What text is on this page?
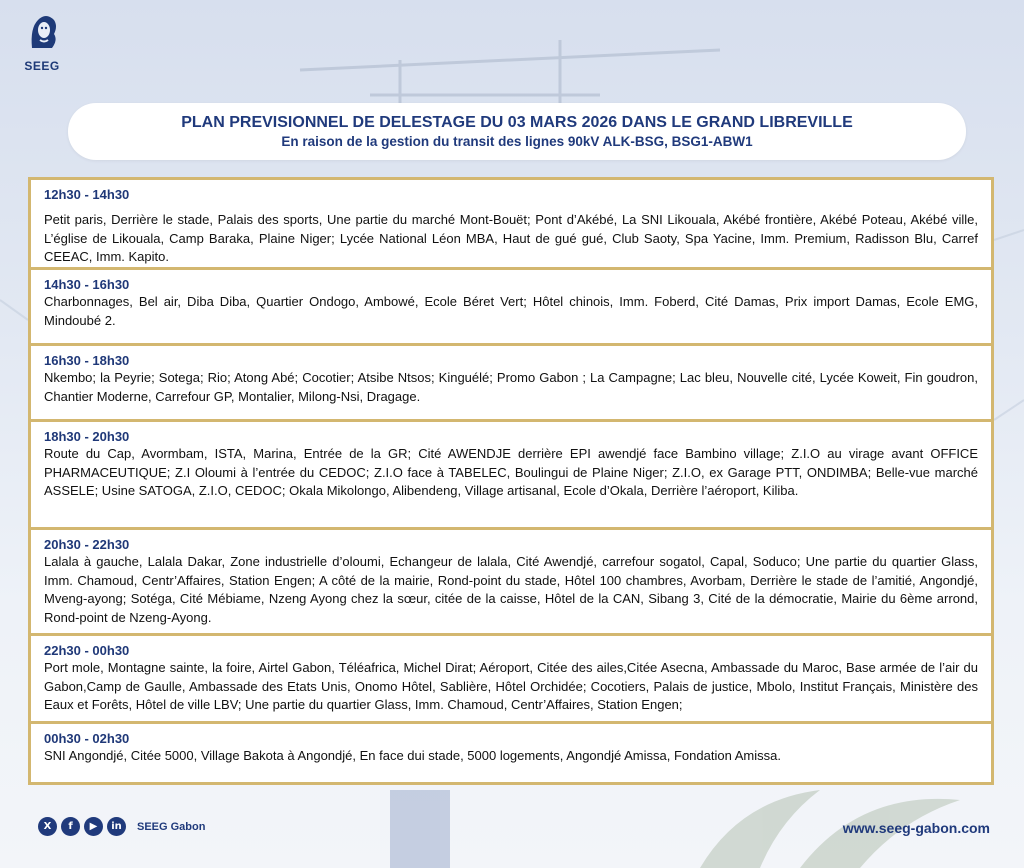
SEEG
PLAN PREVISIONNEL DE DELESTAGE DU 03 MARS 2026 DANS LE GRAND LIBREVILLE
En raison de la gestion du transit des lignes 90kV ALK-BSG, BSG1-ABW1
12h30 - 14h30
Petit paris, Derrière le stade, Palais des sports, Une partie du marché Mont-Bouët; Pont d’Akébé, La SNI Likouala, Akébé frontière, Akébé Poteau, Akébé ville, L’église de Likouala, Camp Baraka, Plaine Niger; Lycée National Léon MBA, Haut de gué gué, Club Saoty, Spa Yacine, Imm. Premium, Radisson Blu, Carref CEEAC, Imm. Kapito.
14h30 - 16h30
Charbonnages, Bel air, Diba Diba, Quartier Ondogo, Ambowé, Ecole Béret Vert; Hôtel chinois, Imm. Foberd, Cité Damas, Prix import Damas, Ecole EMG, Mindoubé 2.
16h30 - 18h30
Nkembo; la Peyrie; Sotega; Rio; Atong Abé; Cocotier; Atsibe Ntsos; Kinguélé; Promo Gabon ; La Campagne; Lac bleu, Nouvelle cité, Lycée Koweit, Fin goudron, Chantier Moderne, Carrefour GP, Montalier, Milong-Nsi, Dragage.
18h30 - 20h30
Route du Cap, Avormbam, ISTA, Marina, Entrée de la GR; Cité AWENDJE derrière EPI awendjé face Bambino village; Z.I.O au virage avant OFFICE PHARMACEUTIQUE; Z.I Oloumi à l’entrée du CEDOC; Z.I.O face à TABELEC, Boulingui de Plaine Niger; Z.I.O, ex Garage PTT, ONDIMBA; Belle-vue marché ASSELE; Usine SATOGA, Z.I.O, CEDOC; Okala Mikolongo, Alibendeng, Village artisanal, Ecole d’Okala, Derrière l’aéroport, Kiliba.
20h30 - 22h30
Lalala à gauche, Lalala Dakar, Zone industrielle d’oloumi, Echangeur de lalala, Cité Awendjé, carrefour sogatol, Capal, Soduco; Une partie du quartier Glass, Imm. Chamoud, Centr’Affaires, Station Engen; A côté de la mairie, Rond-point du stade, Hôtel 100 chambres, Avorbam, Derrière le stade de l’amitié, Angondjé, Mveng-ayong; Sotéga, Cité Mébiame, Nzeng Ayong chez la sœur, citée de la caisse, Hôtel de la CAN, Sibang 3, Cité de la démocratie, Mairie du 6ème arrond, Rond-point de Nzeng-Ayong.
22h30 - 00h30
Port mole, Montagne sainte, la foire, Airtel Gabon, Téléafrica, Michel Dirat; Aéroport, Citée des ailes,Citée Asecna, Ambassade du Maroc, Base armée de l’air du Gabon,Camp de Gaulle, Ambassade des Etats Unis, Onomo Hôtel, Sablière, Hôtel Orchidée; Cocotiers, Palais de justice, Mbolo, Institut Français, Ministère des Eaux et Forêts, Hôtel de ville LBV; Une partie du quartier Glass, Imm. Chamoud, Centr’Affaires, Station Engen;
00h30 - 02h30
SNI Angondjé, Citée 5000, Village Bakota à Angondjé, En face dui stade, 5000 logements, Angondjé Amissa, Fondation Amissa.
X	f	▶	in	SEEG Gabon	www.seeg-gabon.com
